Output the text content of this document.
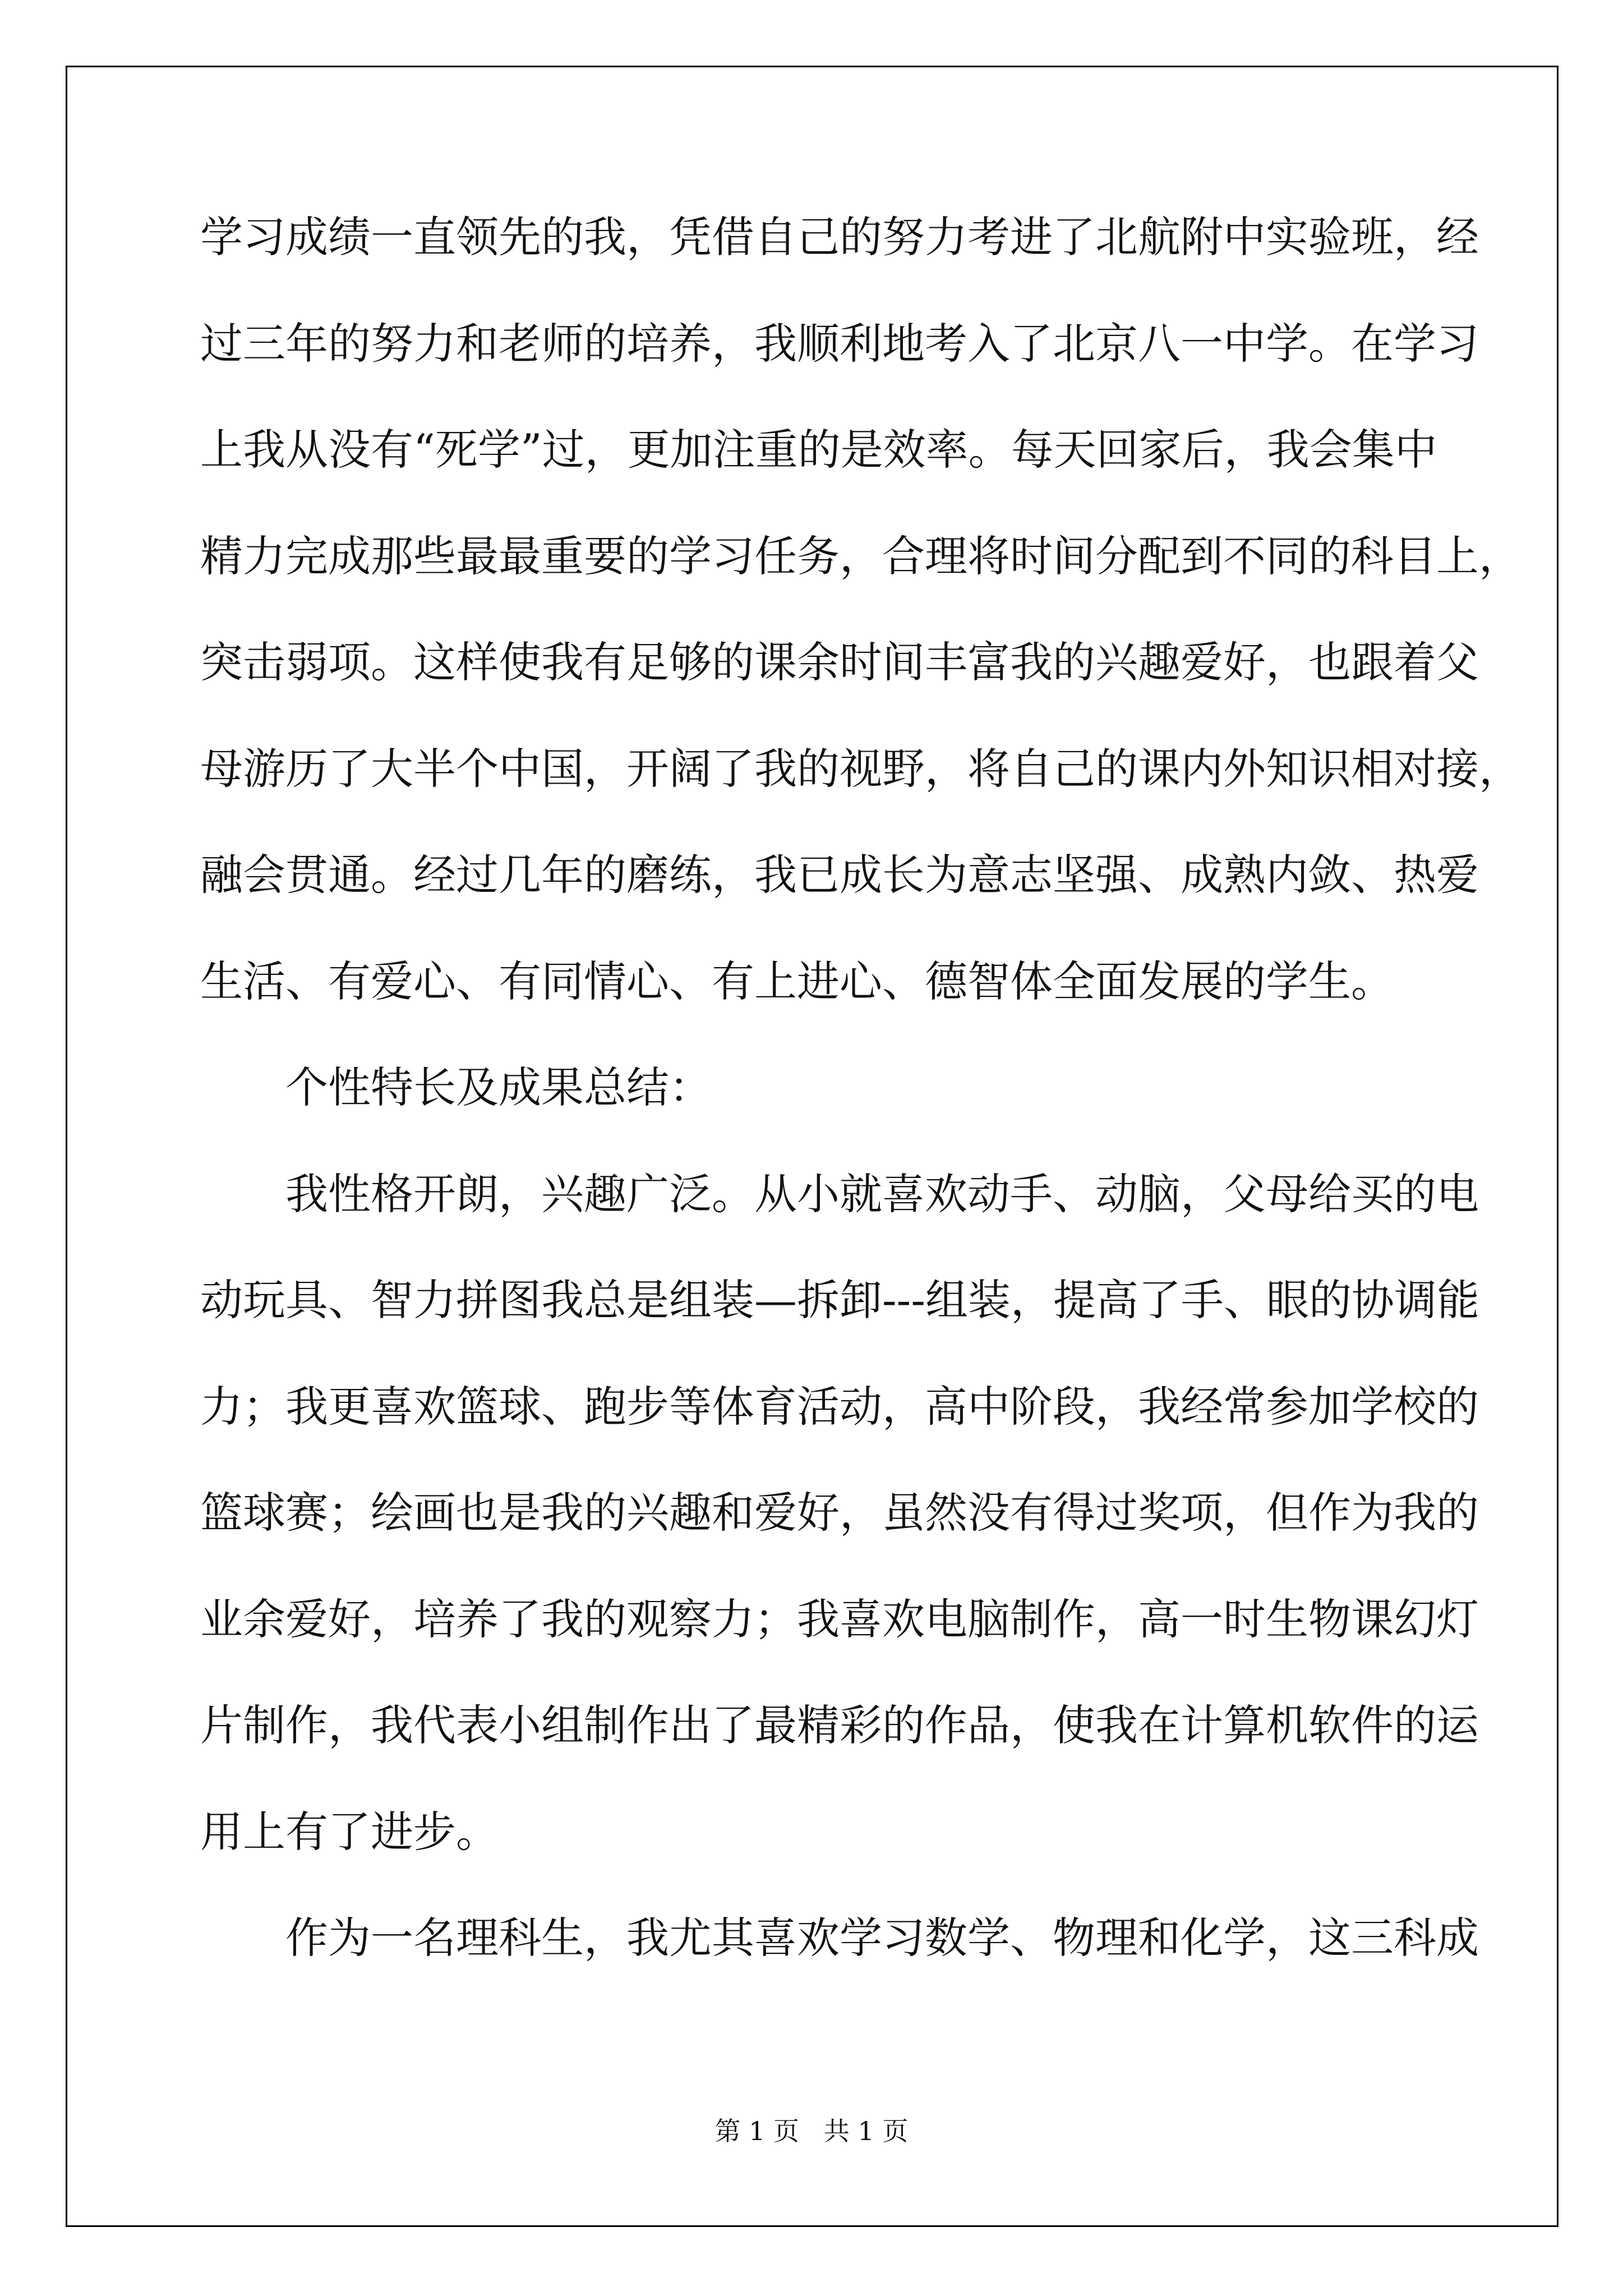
学习成绩一直领先的我，凭借自己的努力考进了北航附中实验班，经
过三年的努力和老师的培养，我顺利地考入了北京八一中学。在学习
上我从没有“死学”过，更加注重的是效率。每天回家后，我会集中
精力完成那些最最重要的学习任务，合理将时间分配到不同的科目上，
突击弱项。这样使我有足够的课余时间丰富我的兴趣爱好，也跟着父
母游历了大半个中国，开阔了我的视野，将自己的课内外知识相对接，
融会贯通。经过几年的磨练，我已成长为意志坚强、成熟内敛、热爱
生活、有爱心、有同情心、有上进心、德智体全面发展的学生。
个性特长及成果总结：
我性格开朗，兴趣广泛。从小就喜欢动手、动脑，父母给买的电
动玩具、智力拼图我总是组装—拆卸---组装，提高了手、眼的协调能
力；我更喜欢篮球、跑步等体育活动，高中阶段，我经常参加学校的
篮球赛；绘画也是我的兴趣和爱好，虽然没有得过奖项，但作为我的
业余爱好，培养了我的观察力；我喜欢电脑制作，高一时生物课幻灯
片制作，我代表小组制作出了最精彩的作品，使我在计算机软件的运
用上有了进步。
作为一名理科生，我尤其喜欢学习数学、物理和化学，这三科成
第 1 页   共 1 页
